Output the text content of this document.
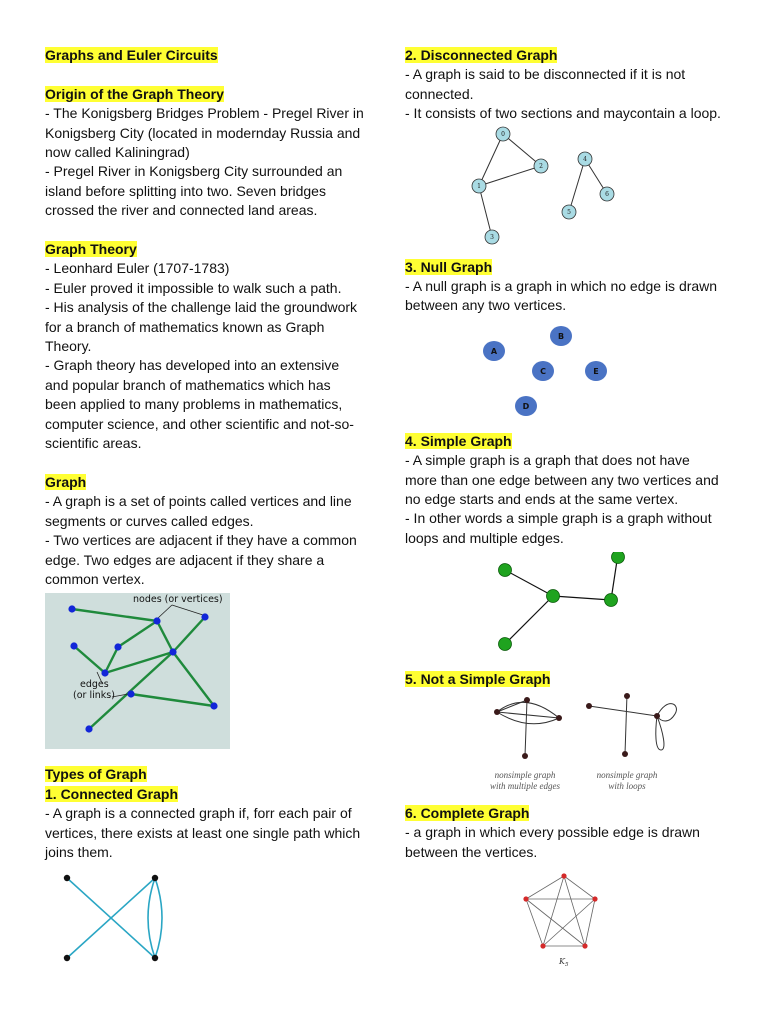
Graphs and Euler Circuits

Origin of the Graph Theory

- The Konigsberg Bridges Problem - Pregel River in Konigsberg City (located in modernday Russia and now called Kaliningrad)

- Pregel River in Konigsberg City surrounded an island before splitting into two. Seven bridges crossed the river and connected land areas.

Graph Theory

- Leonhard Euler (1707-1783)

- Euler proved it impossible to walk such a path.

- His analysis of the challenge laid the groundwork for a branch of mathematics known as Graph Theory.

- Graph theory has developed into an extensive and popular branch of mathematics which has been applied to many problems in mathematics, computer science, and other scientific and not-so-scientific areas.

Graph

- A graph is a set of points called vertices and line segments or curves called edges.

- Two vertices are adjacent if they have a common edge. Two edges are adjacent if they share a common vertex.

nodes (or vertices)
edges
(or links)

Types of Graph

1. Connected Graph

- A graph is a connected graph if, forr each pair of vertices, there exists at least one single path which joins them.

2. Disconnected Graph

- A graph is said to be disconnected if it is not connected.

- It consists of two sections and maycontain a loop.

0
1
2
3
4
5
6

3. Null Graph

- A null graph is a graph in which no edge is drawn between any two vertices.

A
B
C
D
E

4. Simple Graph

- A simple graph is a graph that does not have more than one edge between any two vertices and no edge starts and ends at the same vertex.

- In other words a simple graph is a graph without loops and multiple edges.

5. Not a Simple Graph

nonsimple graph
with multiple edges
nonsimple graph
with loops

6. Complete Graph

- a graph in which every possible edge is drawn between the vertices.

$K_5$
